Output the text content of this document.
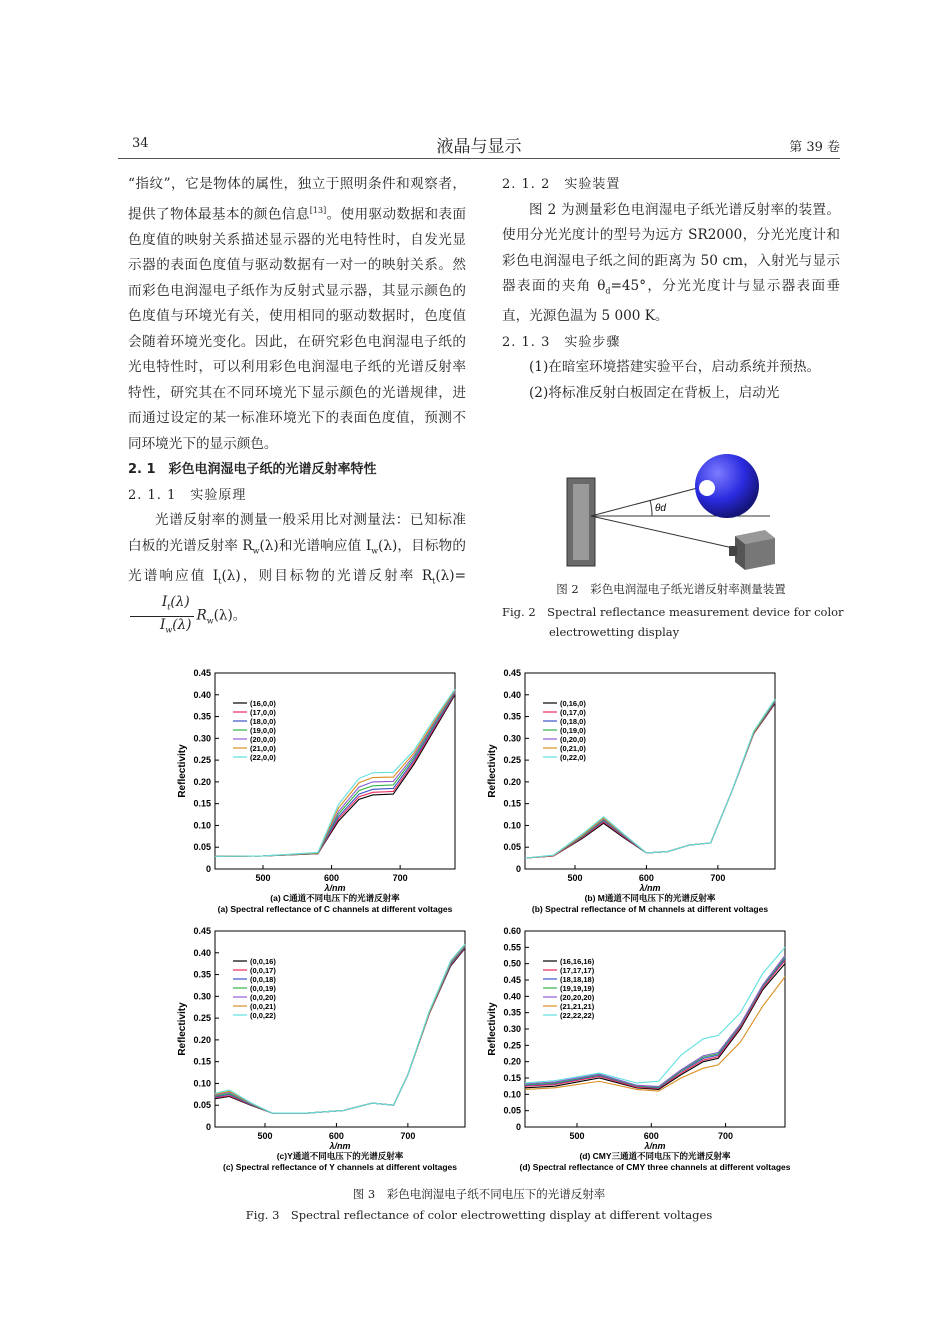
34	液晶与显示	第 39 卷

“指纹”，它是物体的属性，独立于照明条件和观察者，提供了物体最基本的颜色信息[13]。使用驱动数据和表面色度值的映射关系描述显示器的光电特性时，自发光显示器的表面色度值与驱动数据有一对一的映射关系。然而彩色电润湿电子纸作为反射式显示器，其显示颜色的色度值与环境光有关，使用相同的驱动数据时，色度值会随着环境光变化。因此，在研究彩色电润湿电子纸的光电特性时，可以利用彩色电润湿电子纸的光谱反射率特性，研究其在不同环境光下显示颜色的光谱规律，进而通过设定的某一标准环境光下的表面色度值，预测不同环境光下的显示颜色。

2. 1　彩色电润湿电子纸的光谱反射率特性

2. 1. 1　实验原理

光谱反射率的测量一般采用比对测量法：已知标准白板的光谱反射率 $R_w(\lambda)$和光谱响应值 $I_w(\lambda)$，目标物的光谱响应值 $I_t(\lambda)$，则目标物的光谱反射率 $R_t(\lambda)=$
$\frac{I_t(\lambda)}{I_w(\lambda)} R_w(\lambda)$。

2. 1. 2　实验装置

图 2 为测量彩色电润湿电子纸光谱反射率的装置。使用分光光度计的型号为远方 SR2000，分光光度计和彩色电润湿电子纸之间的距离为 50 cm，入射光与显示器表面的夹角 $\theta_d=45^\circ$，分光光度计与显示器表面垂直，光源色温为 5 000 K。

2. 1. 3　实验步骤

(1)在暗室环境搭建实验平台，启动系统并预热。

(2)将标准反射白板固定在背板上，启动光

θd
图 2　彩色电润湿电子纸光谱反射率测量装置
Fig. 2　Spectral reflectance measurement device for color
electrowetting display
0
0.05
0.10
0.15
0.20
0.25
0.30
0.35
0.40
0.45
500	600	700
λ/nm
Reflectivity
(16,0,0)
(17,0,0)
(18,0,0)
(19,0,0)
(20,0,0)
(21,0,0)
(22,0,0)
(a) C通道不同电压下的光谱反射率
(a) Spectral reflectance of C channels at different voltages
0
0.05
0.10
0.15
0.20
0.25
0.30
0.35
0.40
0.45
500	600	700
λ/nm
Reflectivity
(0,16,0)
(0,17,0)
(0,18,0)
(0,19,0)
(0,20,0)
(0,21,0)
(0,22,0)
(b) M通道不同电压下的光谱反射率
(b) Spectral reflectance of M channels at different voltages
0
0.05
0.10
0.15
0.20
0.25
0.30
0.35
0.40
0.45
500	600	700
λ/nm
Reflectivity
(0,0,16)
(0,0,17)
(0,0,18)
(0,0,19)
(0,0,20)
(0,0,21)
(0,0,22)
(c)Y通道不同电压下的光谱反射率
(c) Spectral reflectance of Y channels at different voltages
0
0.05
0.10
0.15
0.20
0.25
0.30
0.35
0.40
0.45
0.50
0.55
0.60
500	600	700
λ/nm
Reflectivity
(16,16,16)
(17,17,17)
(18,18,18)
(19,19,19)
(20,20,20)
(21,21,21)
(22,22,22)
(d) CMY三通道不同电压下的光谱反射率
(d) Spectral reflectance of CMY three channels at different voltages
图 3　彩色电润湿电子纸不同电压下的光谱反射率
Fig. 3　Spectral reflectance of color electrowetting display at different voltages
